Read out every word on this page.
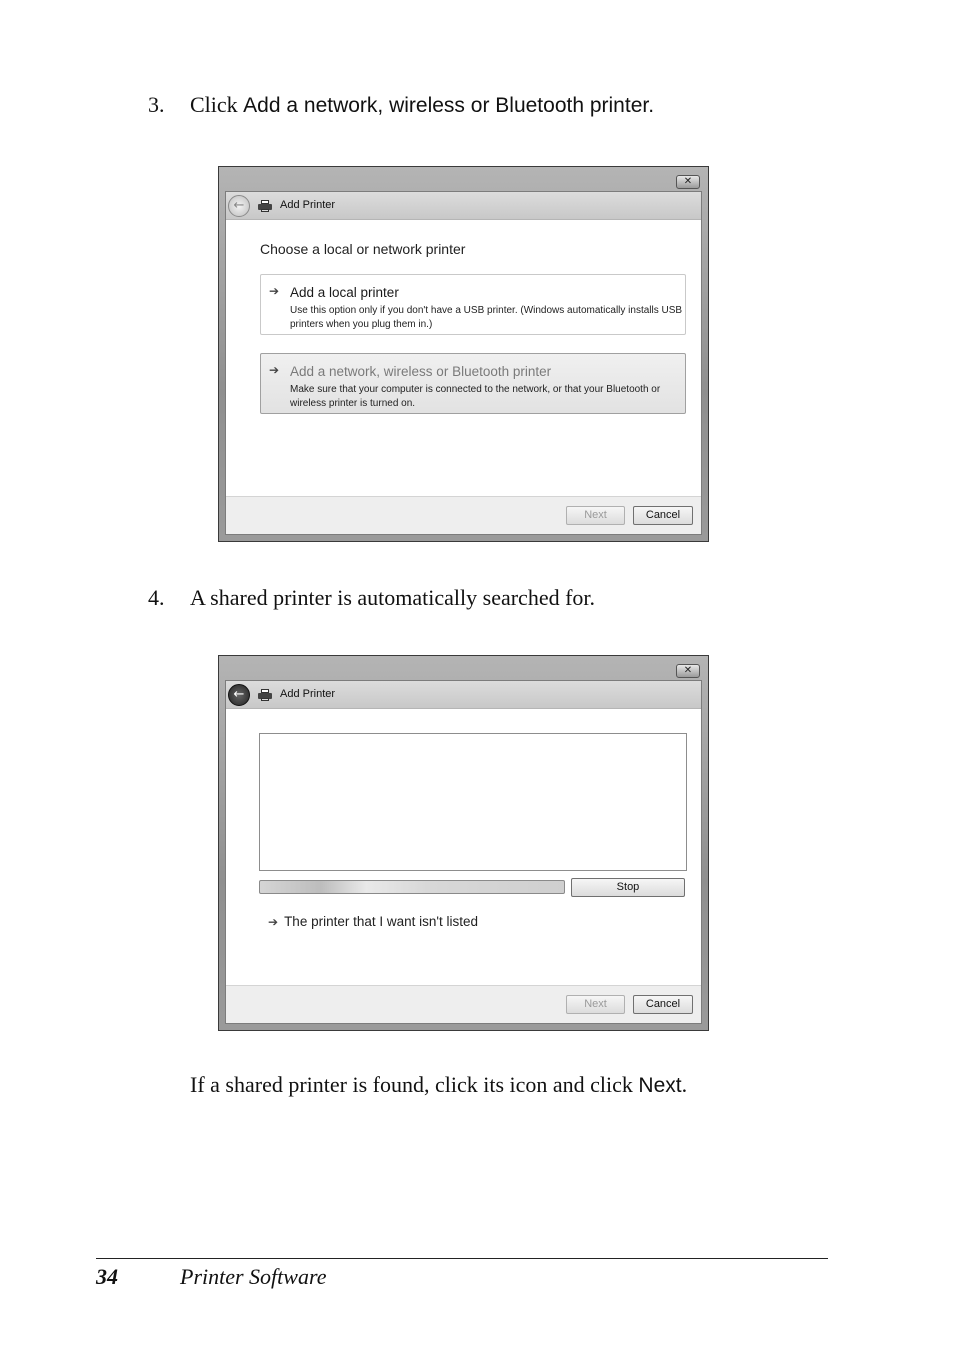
3.	Click Add a network, wireless or Bluetooth printer.
✕
←	Add Printer
Choose a local or network printer
➔ Add a local printer
Use this option only if you don't have a USB printer. (Windows automatically installs USB printers when you plug them in.)
➔ Add a network, wireless or Bluetooth printer
Make sure that your computer is connected to the network, or that your Bluetooth or wireless printer is turned on.
Next	Cancel
4.	A shared printer is automatically searched for.
✕
←	Add Printer
Stop
➔ The printer that I want isn't listed
Next	Cancel
If a shared printer is found, click its icon and click Next.
34	Printer Software
